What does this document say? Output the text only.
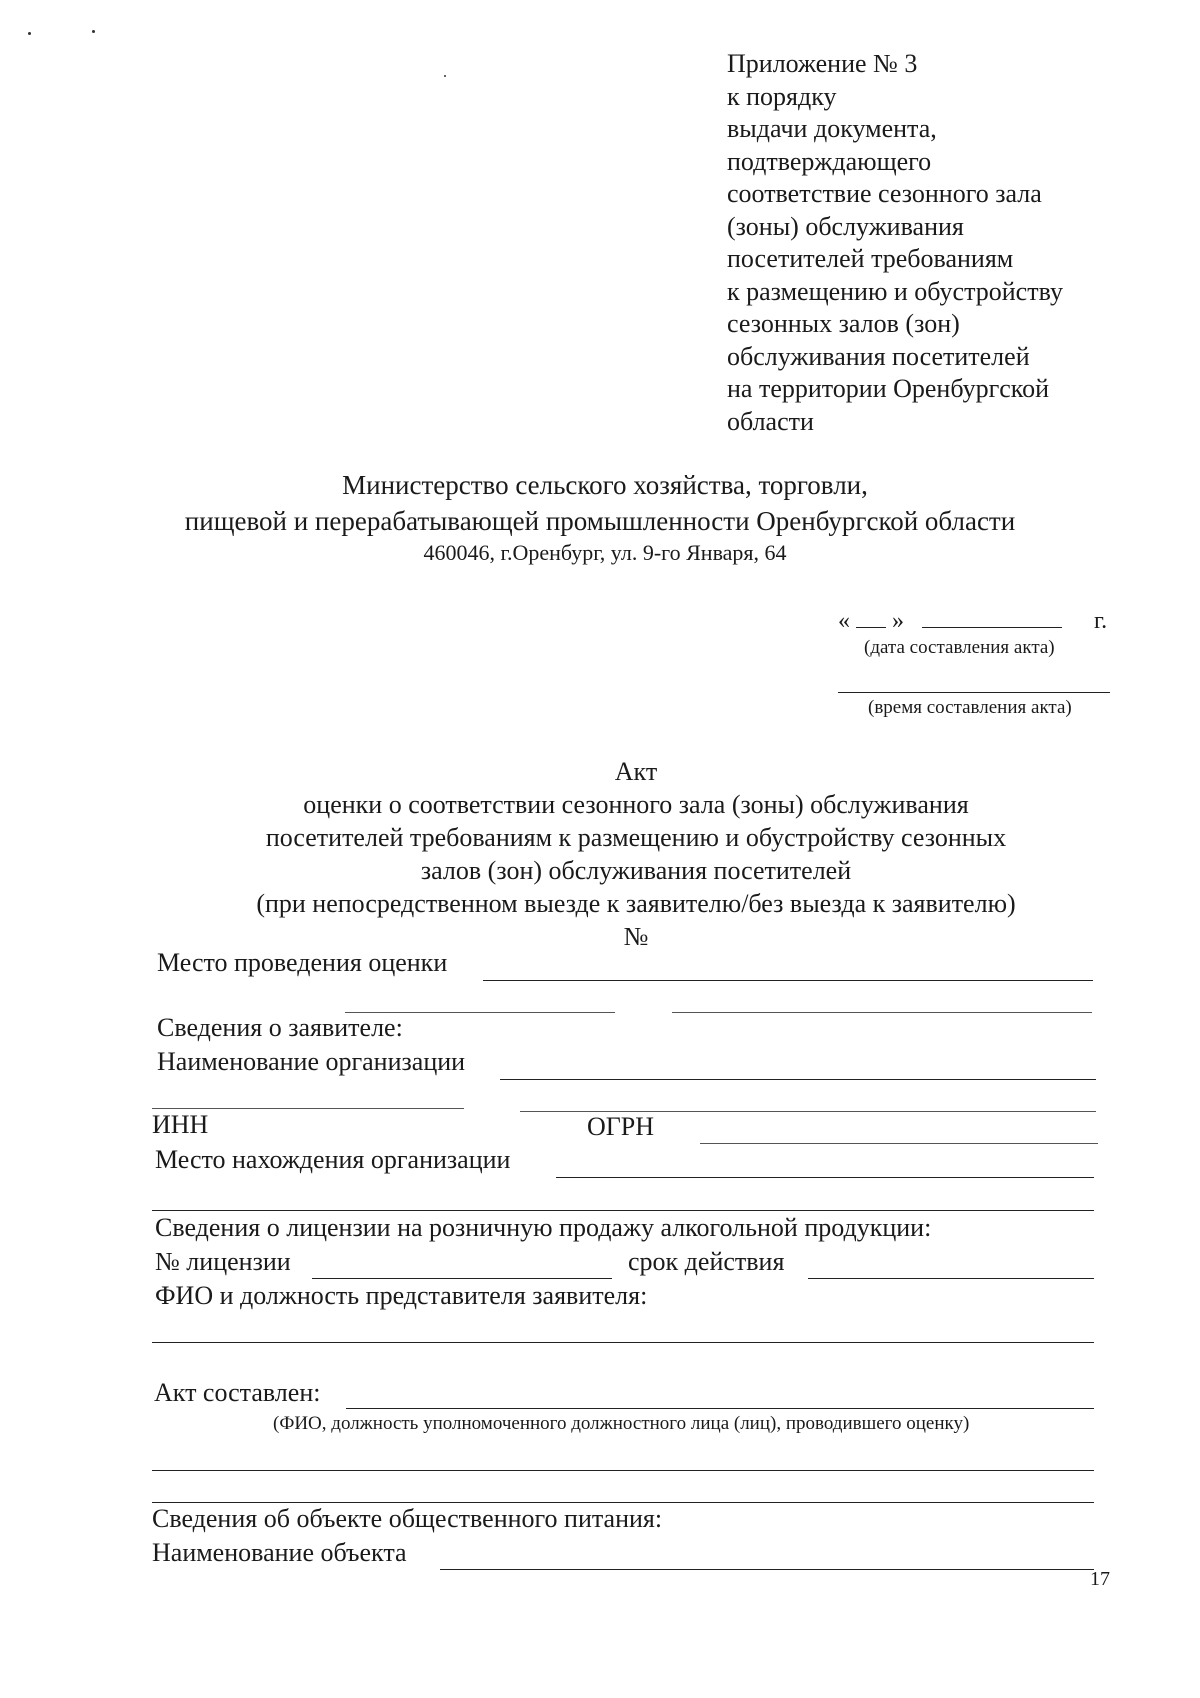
Приложение № 3
к порядку
выдачи документа,
подтверждающего
соответствие сезонного зала
(зоны) обслуживания
посетителей требованиям
к размещению и обустройству
сезонных залов (зон)
обслуживания посетителей
на территории Оренбургской
области
Министерство сельского хозяйства, торговли,
пищевой и перерабатывающей промышленности Оренбургской области
460046, г.Оренбург, ул. 9-го Января, 64
« »	г.
(дата составления акта)
(время составления акта)
Акт
оценки о соответствии сезонного зала (зоны) обслуживания
посетителей требованиям к размещению и обустройству сезонных
залов (зон) обслуживания посетителей
(при непосредственном выезде к заявителю/без выезда к заявителю)
№
Место проведения оценки
Сведения о заявителе:
Наименование организации
ИНН	ОГРН
Место нахождения организации
Сведения о лицензии на розничную продажу алкогольной продукции:
№ лицензии	срок действия
ФИО и должность представителя заявителя:
Акт составлен:
(ФИО, должность уполномоченного должностного лица (лиц), проводившего оценку)
Сведения об объекте общественного питания:
Наименование объекта
17
